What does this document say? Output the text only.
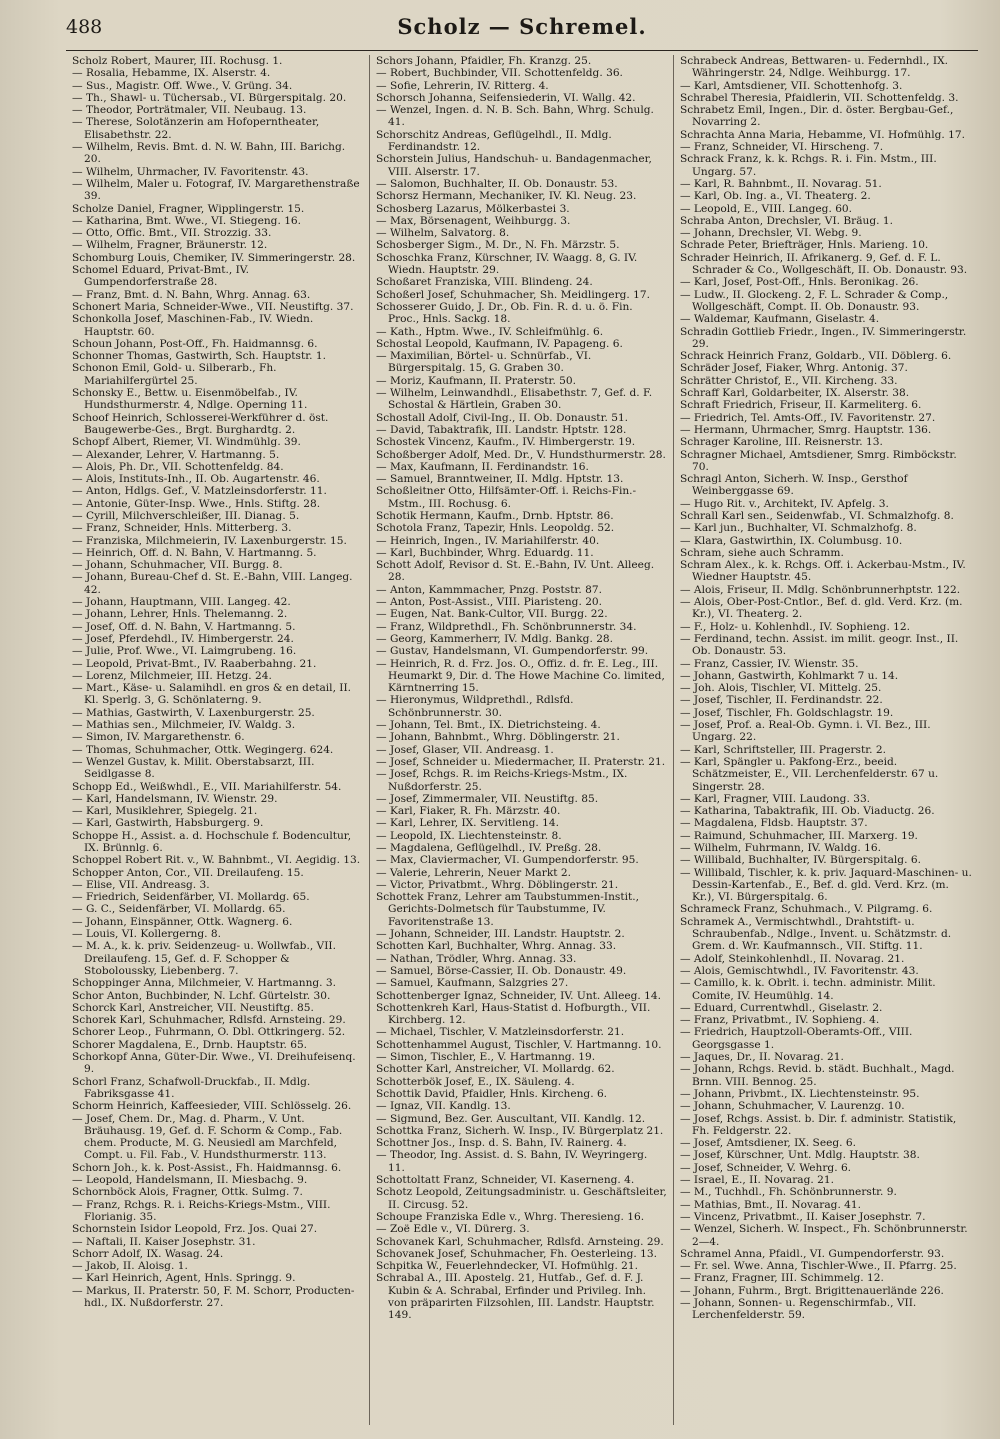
488	Scholz — Schremel.
Scholz Robert, Maurer, III. Rochusg. 1.
— Rosalia, Hebamme, IX. Alserstr. 4.
— Sus., Magistr. Off. Wwe., V. Grüng. 34.
— Th., Shawl- u. Tüchersab., VI. Bürgerspitalg. 20.
— Theodor, Porträtmaler, VII. Neubaug. 13.
— Therese, Solotänzerin am Hofoperntheater, Elisabethstr. 22.
— Wilhelm, Revis. Bmt. d. N. W. Bahn, III. Barichg. 20.
— Wilhelm, Uhrmacher, IV. Favoritenstr. 43.
— Wilhelm, Maler u. Fotograf, IV. Margarethenstraße 39.
Scholze Daniel, Fragner, Wipplingerstr. 15.
— Katharina, Bmt. Wwe., VI. Stiegeng. 16.
— Otto, Offic. Bmt., VII. Strozzig. 33.
— Wilhelm, Fragner, Bräunerstr. 12.
Schomburg Louis, Chemiker, IV. Simmeringerstr. 28.
Schomel Eduard, Privat-Bmt., IV. Gumpendorferstraße 28.
— Franz, Bmt. d. N. Bahn, Whrg. Annag. 63.
Schonert Maria, Schneider-Wwe., VII. Neustiftg. 37.
Schonkolla Josef, Maschinen-Fab., IV. Wiedn. Hauptstr. 60.
Schoun Johann, Post-Off., Fh. Haidmannsg. 6.
Schonner Thomas, Gastwirth, Sch. Hauptstr. 1.
Schonon Emil, Gold- u. Silberarb., Fh. Mariahilfergürtel 25.
Schonsky E., Bettw. u. Eisenmöbelfab., IV. Hundsthurmerstr. 4, Ndlge. Operning 11.
Schoof Heinrich, Schlosserei-Werkführer d. öst. Baugewerbe-Ges., Brgt. Burghardtg. 2.
Schopf Albert, Riemer, VI. Windmühlg. 39.
— Alexander, Lehrer, V. Hartmanng. 5.
— Alois, Ph. Dr., VII. Schottenfeldg. 84.
— Alois, Instituts-Inh., II. Ob. Augartenstr. 46.
— Anton, Hdlgs. Gef., V. Matzleinsdorferstr. 11.
— Antonie, Güter-Insp. Wwe., Hnls. Stiftg. 28.
— Cyrill, Milchverschleißer, III. Dianag. 5.
— Franz, Schneider, Hnls. Mitterberg. 3.
— Franziska, Milchmeierin, IV. Laxenburgerstr. 15.
— Heinrich, Off. d. N. Bahn, V. Hartmanng. 5.
— Johann, Schuhmacher, VII. Burgg. 8.
— Johann, Bureau-Chef d. St. E.-Bahn, VIII. Langeg. 42.
— Johann, Hauptmann, VIII. Langeg. 42.
— Johann, Lehrer, Hnls. Thelemanng. 2.
— Josef, Off. d. N. Bahn, V. Hartmanng. 5.
— Josef, Pferdehdl., IV. Himbergerstr. 24.
— Julie, Prof. Wwe., VI. Laimgrubeng. 16.
— Leopold, Privat-Bmt., IV. Raaberbahng. 21.
— Lorenz, Milchmeier, III. Hetzg. 24.
— Mart., Käse- u. Salamihdl. en gros & en detail, II. Kl. Sperlg. 3, G. Schönlaterng. 9.
— Mathias, Gastwirth, V. Laxenburgerstr. 25.
— Mathias sen., Milchmeier, IV. Waldg. 3.
— Simon, IV. Margarethenstr. 6.
— Thomas, Schuhmacher, Ottk. Wegingerg. 624.
— Wenzel Gustav, k. Milit. Oberstabsarzt, III. Seidlgasse 8.
Schopp Ed., Weißwhdl., E., VII. Mariahilferstr. 54.
— Karl, Handelsmann, IV. Wienstr. 29.
— Karl, Musiklehrer, Spiegelg. 21.
— Karl, Gastwirth, Habsburgerg. 9.
Schoppe H., Assist. a. d. Hochschule f. Bodencultur, IX. Brünnlg. 6.
Schoppel Robert Rit. v., W. Bahnbmt., VI. Aegidig. 13.
Schopper Anton, Cor., VII. Dreilaufeng. 15.
— Elise, VII. Andreasg. 3.
— Friedrich, Seidenfärber, VI. Mollardg. 65.
— G. C., Seidenfärber, VI. Mollardg. 65.
— Johann, Einspänner, Ottk. Wagnerg. 6.
— Louis, VI. Kollergerng. 8.
— M. A., k. k. priv. Seidenzeug- u. Wollwfab., VII. Dreilaufeng. 15, Gef. d. F. Schopper & Stoboloussky, Liebenberg. 7.
Schoppinger Anna, Milchmeier, V. Hartmanng. 3.
Schor Anton, Buchbinder, N. Lchf. Gürtelstr. 30.
Schorck Karl, Anstreicher, VII. Neustiftg. 85.
Schorek Karl, Schuhmacher, Rdlsfd. Arnsteing. 29.
Schorer Leop., Fuhrmann, O. Dbl. Ottkringerg. 52.
Schorer Magdalena, E., Drnb. Hauptstr. 65.
Schorkopf Anna, Güter-Dir. Wwe., VI. Dreihufeisenq. 9.
Schorl Franz, Schafwoll-Druckfab., II. Mdlg. Fabriksgasse 41.
Schorm Heinrich, Kaffeesieder, VIII. Schlösselg. 26.
— Josef, Chem. Dr., Mag. d. Pharm., V. Unt. Bräuhausg. 19, Gef. d. F. Schorm & Comp., Fab. chem. Producte, M. G. Neusiedl am Marchfeld, Compt. u. Fil. Fab., V. Hundsthurmerstr. 113.
Schorn Joh., k. k. Post-Assist., Fh. Haidmannsg. 6.
— Leopold, Handelsmann, II. Miesbachg. 9.
Schornböck Alois, Fragner, Ottk. Sulmg. 7.
— Franz, Rchgs. R. i. Reichs-Kriegs-Mstm., VIII. Florianig. 35.
Schornstein Isidor Leopold, Frz. Jos. Quai 27.
— Naftali, II. Kaiser Josephstr. 31.
Schorr Adolf, IX. Wasag. 24.
— Jakob, II. Aloisg. 1.
— Karl Heinrich, Agent, Hnls. Springg. 9.
— Markus, II. Praterstr. 50, F. M. Schorr, Producten-hdl., IX. Nußdorferstr. 27.
Schors Johann, Pfaidler, Fh. Kranzg. 25.
— Robert, Buchbinder, VII. Schottenfeldg. 36.
— Sofie, Lehrerin, IV. Ritterg. 4.
Schorsch Johanna, Seifensiederin, VI. Wallg. 42.
— Wenzel, Ingen. d. N. B. Sch. Bahn, Whrg. Schulg. 41.
Schorschitz Andreas, Geflügelhdl., II. Mdlg. Ferdinandstr. 12.
Schorstein Julius, Handschuh- u. Bandagenmacher, VIII. Alserstr. 17.
— Salomon, Buchhalter, II. Ob. Donaustr. 53.
Schorsz Hermann, Mechaniker, IV. Kl. Neug. 23.
Schosberg Lazarus, Mölkerbastei 3.
— Max, Börsenagent, Weihburgg. 3.
— Wilhelm, Salvatorg. 8.
Schosberger Sigm., M. Dr., N. Fh. Märzstr. 5.
Schoschka Franz, Kürschner, IV. Waagg. 8, G. IV. Wiedn. Hauptstr. 29.
Schoßaret Franziska, VIII. Blindeng. 24.
Schoßerl Josef, Schuhmacher, Sh. Meidlingerg. 17.
Schosserer Guido, J. Dr., Ob. Fin. R. d. u. ö. Fin. Proc., Hnls. Sackg. 18.
— Kath., Hptm. Wwe., IV. Schleifmühlg. 6.
Schostal Leopold, Kaufmann, IV. Papageng. 6.
— Maximilian, Börtel- u. Schnürfab., VI. Bürgerspitalg. 15, G. Graben 30.
— Moriz, Kaufmann, II. Praterstr. 50.
— Wilhelm, Leinwandhdl., Elisabethstr. 7, Gef. d. F. Schostal & Härtlein, Graben 30.
Schostall Adolf, Civil-Ing., II. Ob. Donaustr. 51.
— David, Tabaktrafik, III. Landstr. Hptstr. 128.
Schostek Vincenz, Kaufm., IV. Himbergerstr. 19.
Schoßberger Adolf, Med. Dr., V. Hundsthurmerstr. 28.
— Max, Kaufmann, II. Ferdinandstr. 16.
— Samuel, Branntweiner, II. Mdlg. Hptstr. 13.
Schoßleitner Otto, Hilfsämter-Off. i. Reichs-Fin.-Mstm., III. Rochusg. 6.
Schotik Hermann, Kaufm., Drnb. Hptstr. 86.
Schotola Franz, Tapezir, Hnls. Leopoldg. 52.
— Heinrich, Ingen., IV. Mariahilferstr. 40.
— Karl, Buchbinder, Whrg. Eduardg. 11.
Schott Adolf, Revisor d. St. E.-Bahn, IV. Unt. Alleeg. 28.
— Anton, Kammmacher, Pnzg. Poststr. 87.
— Anton, Post-Assist., VIII. Piaristeng. 20.
— Eugen, Nat. Bank-Cultor, VII. Burgg. 22.
— Franz, Wildprethdl., Fh. Schönbrunnerstr. 34.
— Georg, Kammerherr, IV. Mdlg. Bankg. 28.
— Gustav, Handelsmann, VI. Gumpendorferstr. 99.
— Heinrich, R. d. Frz. Jos. O., Offiz. d. fr. E. Leg., III. Heumarkt 9, Dir. d. The Howe Machine Co. limited, Kärntnerring 15.
— Hieronymus, Wildprethdl., Rdlsfd. Schönbrunnerstr. 30.
— Johann, Tel. Bmt., IX. Dietrichsteing. 4.
— Johann, Bahnbmt., Whrg. Döblingerstr. 21.
— Josef, Glaser, VII. Andreasg. 1.
— Josef, Schneider u. Miedermacher, II. Praterstr. 21.
— Josef, Rchgs. R. im Reichs-Kriegs-Mstm., IX. Nußdorferstr. 25.
— Josef, Zimmermaler, VII. Neustiftg. 85.
— Karl, Fiaker, R. Fh. Märzstr. 40.
— Karl, Lehrer, IX. Servitleng. 14.
— Leopold, IX. Liechtensteinstr. 8.
— Magdalena, Geflügelhdl., IV. Preßg. 28.
— Max, Claviermacher, VI. Gumpendorferstr. 95.
— Valerie, Lehrerin, Neuer Markt 2.
— Victor, Privatbmt., Whrg. Döblingerstr. 21.
Schottek Franz, Lehrer am Taubstummen-Instit., Gerichts-Dolmetsch für Taubstumme, IV. Favoritenstraße 13.
— Johann, Schneider, III. Landstr. Hauptstr. 2.
Schotten Karl, Buchhalter, Whrg. Annag. 33.
— Nathan, Trödler, Whrg. Annag. 33.
— Samuel, Börse-Cassier, II. Ob. Donaustr. 49.
— Samuel, Kaufmann, Salzgries 27.
Schottenberger Ignaz, Schneider, IV. Unt. Alleeg. 14.
Schottenkreh Karl, Haus-Statist d. Hofburgth., VII. Kirchberg. 12.
— Michael, Tischler, V. Matzleinsdorferstr. 21.
Schottenhammel August, Tischler, V. Hartmanng. 10.
— Simon, Tischler, E., V. Hartmanng. 19.
Schotter Karl, Anstreicher, VI. Mollardg. 62.
Schotterbök Josef, E., IX. Säuleng. 4.
Schottik David, Pfaidler, Hnls. Kircheng. 6.
— Ignaz, VII. Kandlg. 13.
— Sigmund, Bez. Ger. Auscultant, VII. Kandlg. 12.
Schottka Franz, Sicherh. W. Insp., IV. Bürgerplatz 21.
Schottner Jos., Insp. d. S. Bahn, IV. Rainerg. 4.
— Theodor, Ing. Assist. d. S. Bahn, IV. Weyringerg. 11.
Schottoltatt Franz, Schneider, VI. Kaserneng. 4.
Schotz Leopold, Zeitungsadministr. u. Geschäftsleiter, II. Circusg. 52.
Schoupe Franziska Edle v., Whrg. Theresieng. 16.
— Zoë Edle v., VI. Dürerg. 3.
Schovanek Karl, Schuhmacher, Rdlsfd. Arnsteing. 29.
Schovanek Josef, Schuhmacher, Fh. Oesterleing. 13.
Schpitka W., Feuerlehndecker, VI. Hofmühlg. 21.
Schrabal A., III. Apostelg. 21, Hutfab., Gef. d. F. J. Kubin & A. Schrabal, Erfinder und Privileg. Inh. von präparirten Filzsohlen, III. Landstr. Hauptstr. 149.
Schrabeck Andreas, Bettwaren- u. Federnhdl., IX. Währingerstr. 24, Ndlge. Weihburgg. 17.
— Karl, Amtsdiener, VII. Schottenhofg. 3.
Schrabel Theresia, Pfaidlerin, VII. Schottenfeldg. 3.
Schrabetz Emil, Ingen., Dir. d. öster. Bergbau-Gef., Novarring 2.
Schrachta Anna Maria, Hebamme, VI. Hofmühlg. 17.
— Franz, Schneider, VI. Hirscheng. 7.
Schrack Franz, k. k. Rchgs. R. i. Fin. Mstm., III. Ungarg. 57.
— Karl, R. Bahnbmt., II. Novarag. 51.
— Karl, Ob. Ing. a., VI. Theaterg. 2.
— Leopold, E., VIII. Langeg. 60.
Schraba Anton, Drechsler, VI. Bräug. 1.
— Johann, Drechsler, VI. Webg. 9.
Schrade Peter, Briefträger, Hnls. Marieng. 10.
Schrader Heinrich, II. Afrikanerg. 9, Gef. d. F. L. Schrader & Co., Wollgeschäft, II. Ob. Donaustr. 93.
— Karl, Josef, Post-Off., Hnls. Beronikag. 26.
— Ludw., II. Glockeng. 2, F. L. Schrader & Comp., Wollgeschäft, Compt. II. Ob. Donaustr. 93.
— Waldemar, Kaufmann, Giselastr. 4.
Schradin Gottlieb Friedr., Ingen., IV. Simmeringerstr. 29.
Schrack Heinrich Franz, Goldarb., VII. Döblerg. 6.
Schräder Josef, Fiaker, Whrg. Antonig. 37.
Schrätter Christof, E., VII. Kircheng. 33.
Schraff Karl, Goldarbeiter, IX. Alserstr. 38.
Schraft Friedrich, Friseur, II. Karmeliterg. 6.
— Friedrich, Tel. Amts-Off., IV. Favoritenstr. 27.
— Hermann, Uhrmacher, Smrg. Hauptstr. 136.
Schrager Karoline, III. Reisnerstr. 13.
Schragner Michael, Amtsdiener, Smrg. Rimböckstr. 70.
Schragl Anton, Sicherh. W. Insp., Gersthof Weinberggasse 69.
— Hugo Rit. v., Architekt, IV. Apfelg. 3.
Schrall Karl sen., Seidenwfab., VI. Schmalzhofg. 8.
— Karl jun., Buchhalter, VI. Schmalzhofg. 8.
— Klara, Gastwirthin, IX. Columbusg. 10.
Schram, siehe auch Schramm.
Schram Alex., k. k. Rchgs. Off. i. Ackerbau-Mstm., IV. Wiedner Hauptstr. 45.
— Alois, Friseur, II. Mdlg. Schönbrunnerhptstr. 122.
— Alois, Ober-Post-Cntlor., Bef. d. gld. Verd. Krz. (m. Kr.), VI. Theaterg. 2.
— F., Holz- u. Kohlenhdl., IV. Sophieng. 12.
— Ferdinand, techn. Assist. im milit. geogr. Inst., II. Ob. Donaustr. 53.
— Franz, Cassier, IV. Wienstr. 35.
— Johann, Gastwirth, Kohlmarkt 7 u. 14.
— Joh. Alois, Tischler, VI. Mittelg. 25.
— Josef, Tischler, II. Ferdinandstr. 22.
— Josef, Tischler, Fh. Goldschlagstr. 19.
— Josef, Prof. a. Real-Ob. Gymn. i. VI. Bez., III. Ungarg. 22.
— Karl, Schriftsteller, III. Pragerstr. 2.
— Karl, Spängler u. Pakfong-Erz., beeid. Schätzmeister, E., VII. Lerchenfelderstr. 67 u. Singerstr. 28.
— Karl, Fragner, VIII. Laudong. 33.
— Katharina, Tabaktrafik, III. Ob. Viaductg. 26.
— Magdalena, Fldsb. Hauptstr. 37.
— Raimund, Schuhmacher, III. Marxerg. 19.
— Wilhelm, Fuhrmann, IV. Waldg. 16.
— Willibald, Buchhalter, IV. Bürgerspitalg. 6.
— Willibald, Tischler, k. k. priv. Jaquard-Maschinen- u. Dessin-Kartenfab., E., Bef. d. gld. Verd. Krz. (m. Kr.), VI. Bürgerspitalg. 6.
Schrameck Franz, Schuhmach., V. Pilgramg. 6.
Schramek A., Vermischtwhdl., Drahtstift- u. Schraubenfab., Ndlge., Invent. u. Schätzmstr. d. Grem. d. Wr. Kaufmannsch., VII. Stiftg. 11.
— Adolf, Steinkohlenhdl., II. Novarag. 21.
— Alois, Gemischtwhdl., IV. Favoritenstr. 43.
— Camillo, k. k. Obrlt. i. techn. administr. Milit. Comite, IV. Heumühlg. 14.
— Eduard, Currentwhdl., Giselastr. 2.
— Franz, Privatbmt., IV. Sophieng. 4.
— Friedrich, Hauptzoll-Oberamts-Off., VIII. Georgsgasse 1.
— Jaques, Dr., II. Novarag. 21.
— Johann, Rchgs. Revid. b. städt. Buchhalt., Magd. Brnn. VIII. Bennog. 25.
— Johann, Privbmt., IX. Liechtensteinstr. 95.
— Johann, Schuhmacher, V. Laurenzg. 10.
— Josef, Rchgs. Assist. b. Dir. f. administr. Statistik, Fh. Feldgerstr. 22.
— Josef, Amtsdiener, IX. Seeg. 6.
— Josef, Kürschner, Unt. Mdlg. Hauptstr. 38.
— Josef, Schneider, V. Wehrg. 6.
— Israel, E., II. Novarag. 21.
— M., Tuchhdl., Fh. Schönbrunnerstr. 9.
— Mathias, Bmt., II. Novarag. 41.
— Vincenz, Privatbmt., II. Kaiser Josephstr. 7.
— Wenzel, Sicherh. W. Inspect., Fh. Schönbrunnerstr. 2—4.
Schramel Anna, Pfaidl., VI. Gumpendorferstr. 93.
— Fr. sel. Wwe. Anna, Tischler-Wwe., II. Pfarrg. 25.
— Franz, Fragner, III. Schimmelg. 12.
— Johann, Fuhrm., Brgt. Brigittenauerlände 226.
— Johann, Sonnen- u. Regenschirmfab., VII. Lerchenfelderstr. 59.
